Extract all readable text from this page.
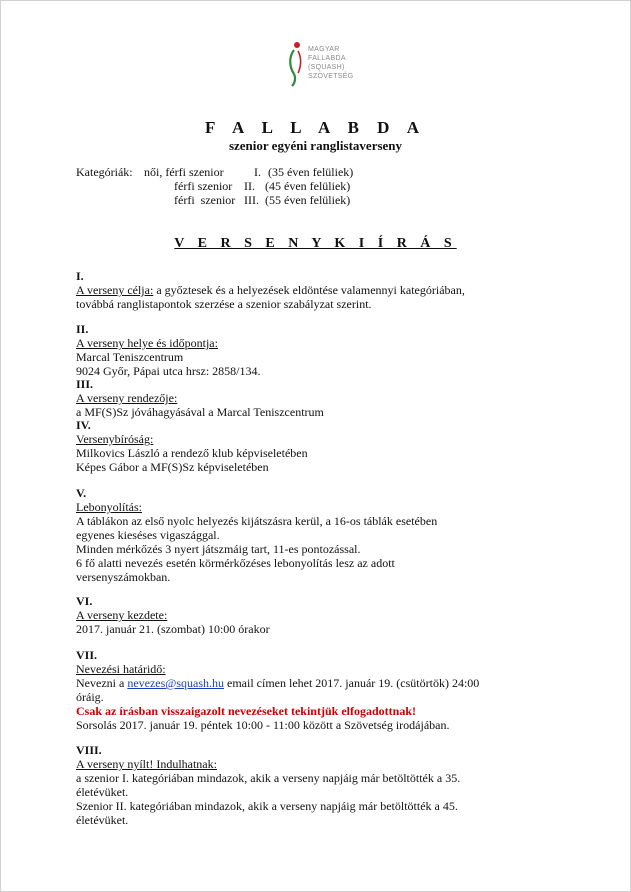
MAGYAR
FALLABDA
(SQUASH)
SZÖVETSÉG
F A L L A B D A
szenior egyéni ranglistaverseny
Kategóriák: női, férfi szenior	I. (35 éven felüliek)
férfi szenior II. (45 éven felüliek)
férfi  szenior III. (55 éven felüliek)
V E R S E N Y K I Í R Á S
I.
A verseny célja: a győztesek és a helyezések eldöntése valamennyi kategóriában,
továbbá ranglistapontok szerzése a szenior szabályzat szerint.
II.
A verseny helye és időpontja:
Marcal Teniszcentrum
9024 Győr, Pápai utca hrsz: 2858/134.
III.
A verseny rendezője:
a MF(S)Sz jóváhagyásával a Marcal Teniszcentrum
IV.
Versenybíróság:
Milkovics László a rendező klub képviseletében
Képes Gábor a MF(S)Sz képviseletében
V.
Lebonyolítás:
A táblákon az első nyolc helyezés kijátszásra kerül, a 16-os táblák esetében
egyenes kieséses vigaszággal.
Minden mérkőzés 3 nyert játszmáig tart, 11-es pontozással.
6 fő alatti nevezés esetén körmérkőzéses lebonyolítás lesz az adott
versenyszámokban.
VI.
A verseny kezdete:
2017. január 21. (szombat) 10:00 órakor
VII.
Nevezési határidő:
Nevezni a nevezes@squash.hu email címen lehet 2017. január 19. (csütörtök) 24:00
óráig.
Csak az írásban visszaigazolt nevezéseket tekintjük elfogadottnak!
Sorsolás 2017. január 19. péntek 10:00 - 11:00 között a Szövetség irodájában.
VIII.
A verseny nyílt! Indulhatnak:
a szenior I. kategóriában mindazok, akik a verseny napjáig már betöltötték a 35.
életévüket.
Szenior II. kategóriában mindazok, akik a verseny napjáig már betöltötték a 45.
életévüket.
